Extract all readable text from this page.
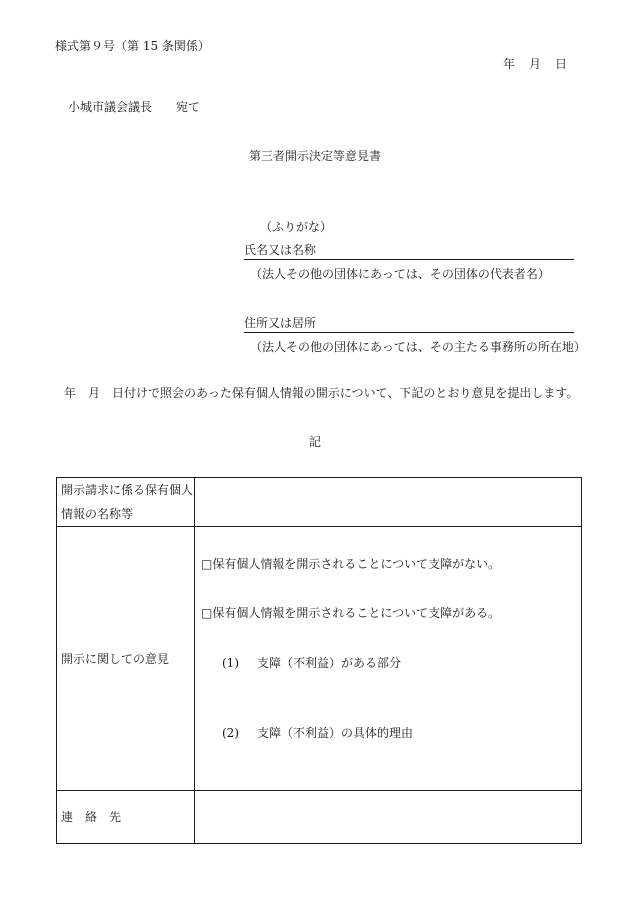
様式第９号（第 15 条関係）
年　月　日
小城市議会議長　　宛て
第三者開示決定等意見書
（ふりがな）
氏名又は名称
（法人その他の団体にあっては、その団体の代表者名）
住所又は居所
（法人その他の団体にあっては、その主たる事務所の所在地）
年　月　日付けで照会のあった保有個人情報の開示について、下記のとおり意見を提出します。
記
開示請求に係る保有個人情報の名称等	
開示に関しての意見	□保有個人情報を開示されることについて支障がない。
□保有個人情報を開示されることについて支障がある。
(1) 支障（不利益）がある部分
(2) 支障（不利益）の具体的理由

連　絡　先	
